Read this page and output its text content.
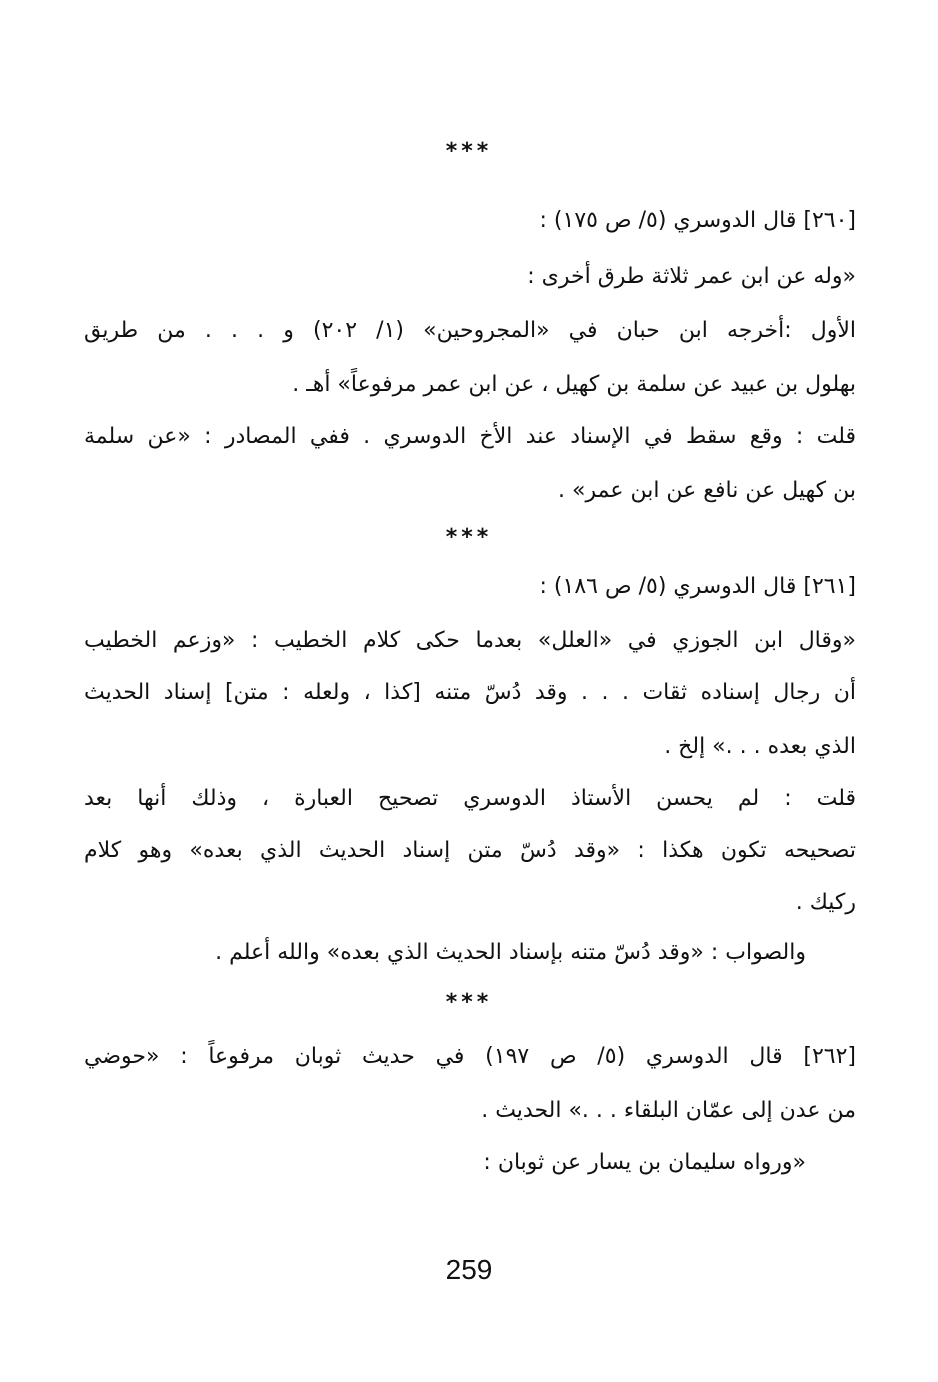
***
[٢٦٠] قال الدوسري (٥/ ص ١٧٥) :
«وله عن ابن عمر ثلاثة طرق أخرى :
الأول :أخرجه ابن حبان في «المجروحين» (١/ ٢٠٢) و . . . من طريق
بهلول بن عبيد عن سلمة بن كهيل ، عن ابن عمر مرفوعاً» أهـ .
قلت : وقع سقط في الإسناد عند الأخ الدوسري . ففي المصادر : «عن سلمة
بن كهيل عن نافع عن ابن عمر» .
***
[٢٦١] قال الدوسري (٥/ ص ١٨٦) :
«وقال ابن الجوزي في «العلل» بعدما حكى كلام الخطيب : «وزعم الخطيب
أن رجال إسناده ثقات . . . وقد دُسّ متنه [كذا ، ولعله : متن] إسناد الحديث
الذي بعده . . .» إلخ .
قلت : لم يحسن الأستاذ الدوسري تصحيح العبارة ، وذلك أنها بعد
تصحيحه تكون هكذا : «وقد دُسّ متن إسناد الحديث الذي بعده» وهو كلام
ركيك .
والصواب : «وقد دُسّ متنه بإسناد الحديث الذي بعده» والله أعلم .
***
[٢٦٢] قال الدوسري (٥/ ص ١٩٧) في حديث ثوبان مرفوعاً : «حوضي
من عدن إلى عمّان البلقاء . . .» الحديث .
«ورواه سليمان بن يسار عن ثوبان :
259
